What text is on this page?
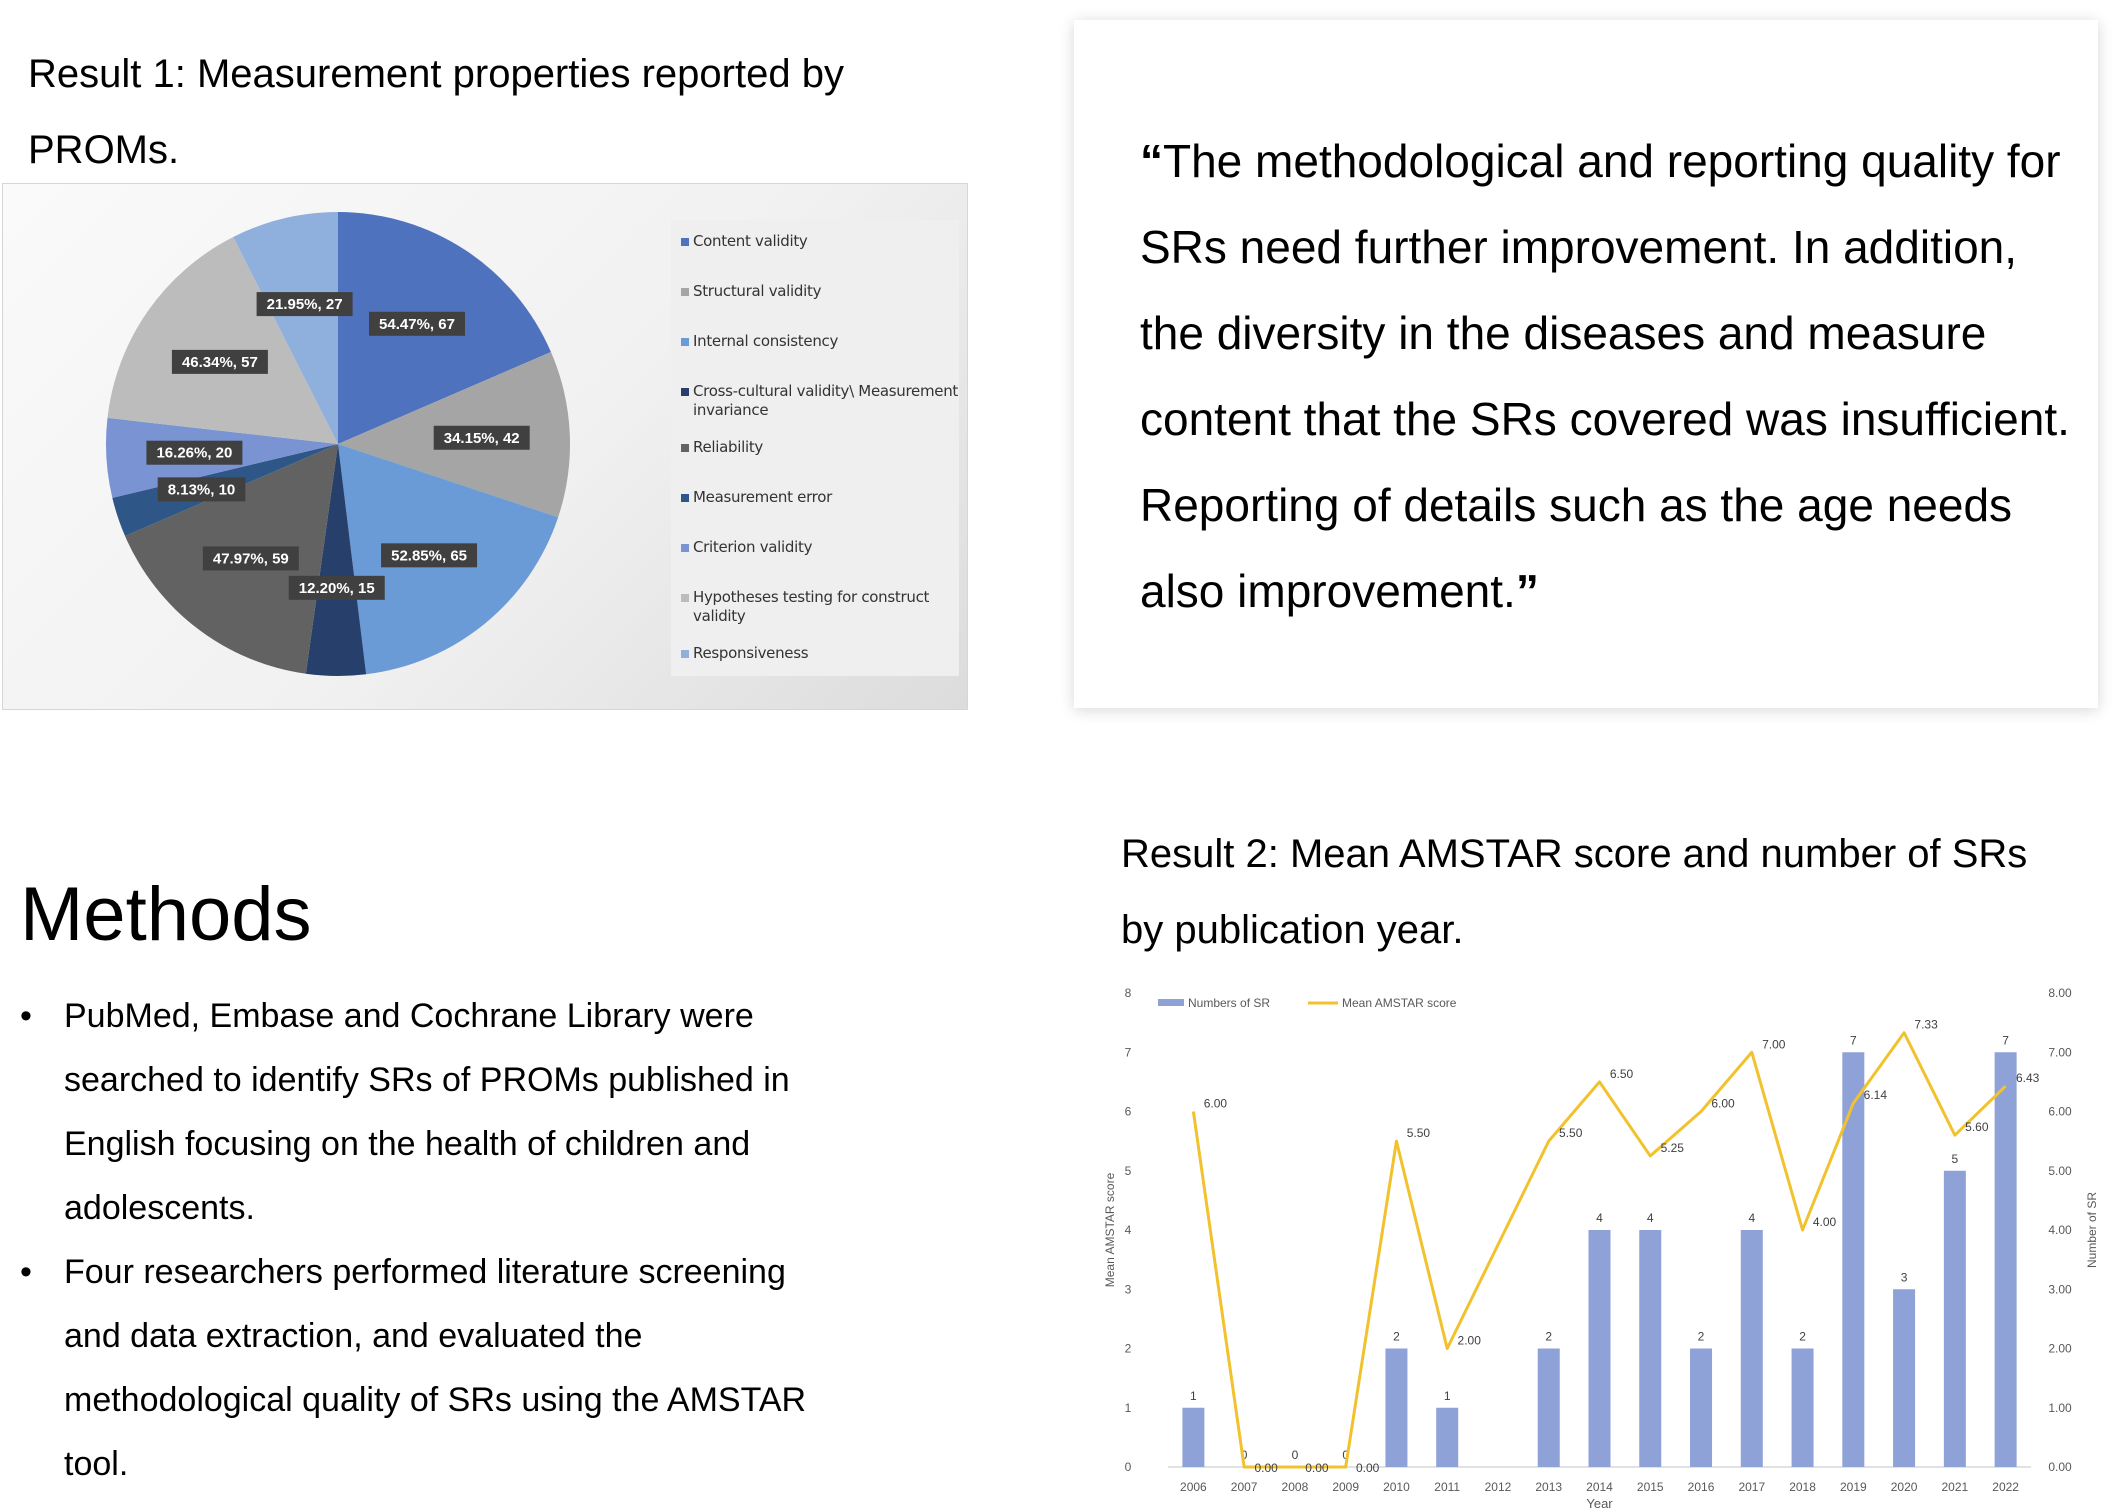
Result 1: Measurement properties reported by
PROMs.
54.47%, 67
34.15%, 42
52.85%, 65
12.20%, 15
47.97%, 59
8.13%, 10
16.26%, 20
46.34%, 57
21.95%, 27
Content validity
Structural validity
Internal consistency
Cross-cultural validity\ Measurement invariance
Reliability
Measurement error
Criterion validity
Hypotheses testing for construct validity
Responsiveness
“The methodological and reporting quality for SRs need further improvement. In addition, the diversity in the diseases and measure content that the SRs covered was insufficient. Reporting of details such as the age needs also improvement.”
Methods
• PubMed, Embase and Cochrane Library were searched to identify SRs of PROMs published in English focusing on the health of children and adolescents.
• Four researchers performed literature screening and data extraction, and evaluated the methodological quality of SRs using the AMSTAR tool.
Result 2: Mean AMSTAR score and number of SRs
by publication year.
0
1
2
3
4
5
6
7
8
0.00
1.00
2.00
3.00
4.00
5.00
6.00
7.00
8.00
Mean AMSTAR score	Number of SR
Year
2006 2007 2008 2009 2010 2011 2012 2013 2014 2015 2016 2017 2018 2019 2020 2021 2022
1
0	0	0
2
1
2
4	4
2
4
2
7
3
5
7
6.00
0.00 0.00 0.00
5.50
2.00
5.50
6.50
5.25
6.00
7.00
4.00
6.14
7.33
5.60
6.43
Numbers of SR	Mean AMSTAR score
